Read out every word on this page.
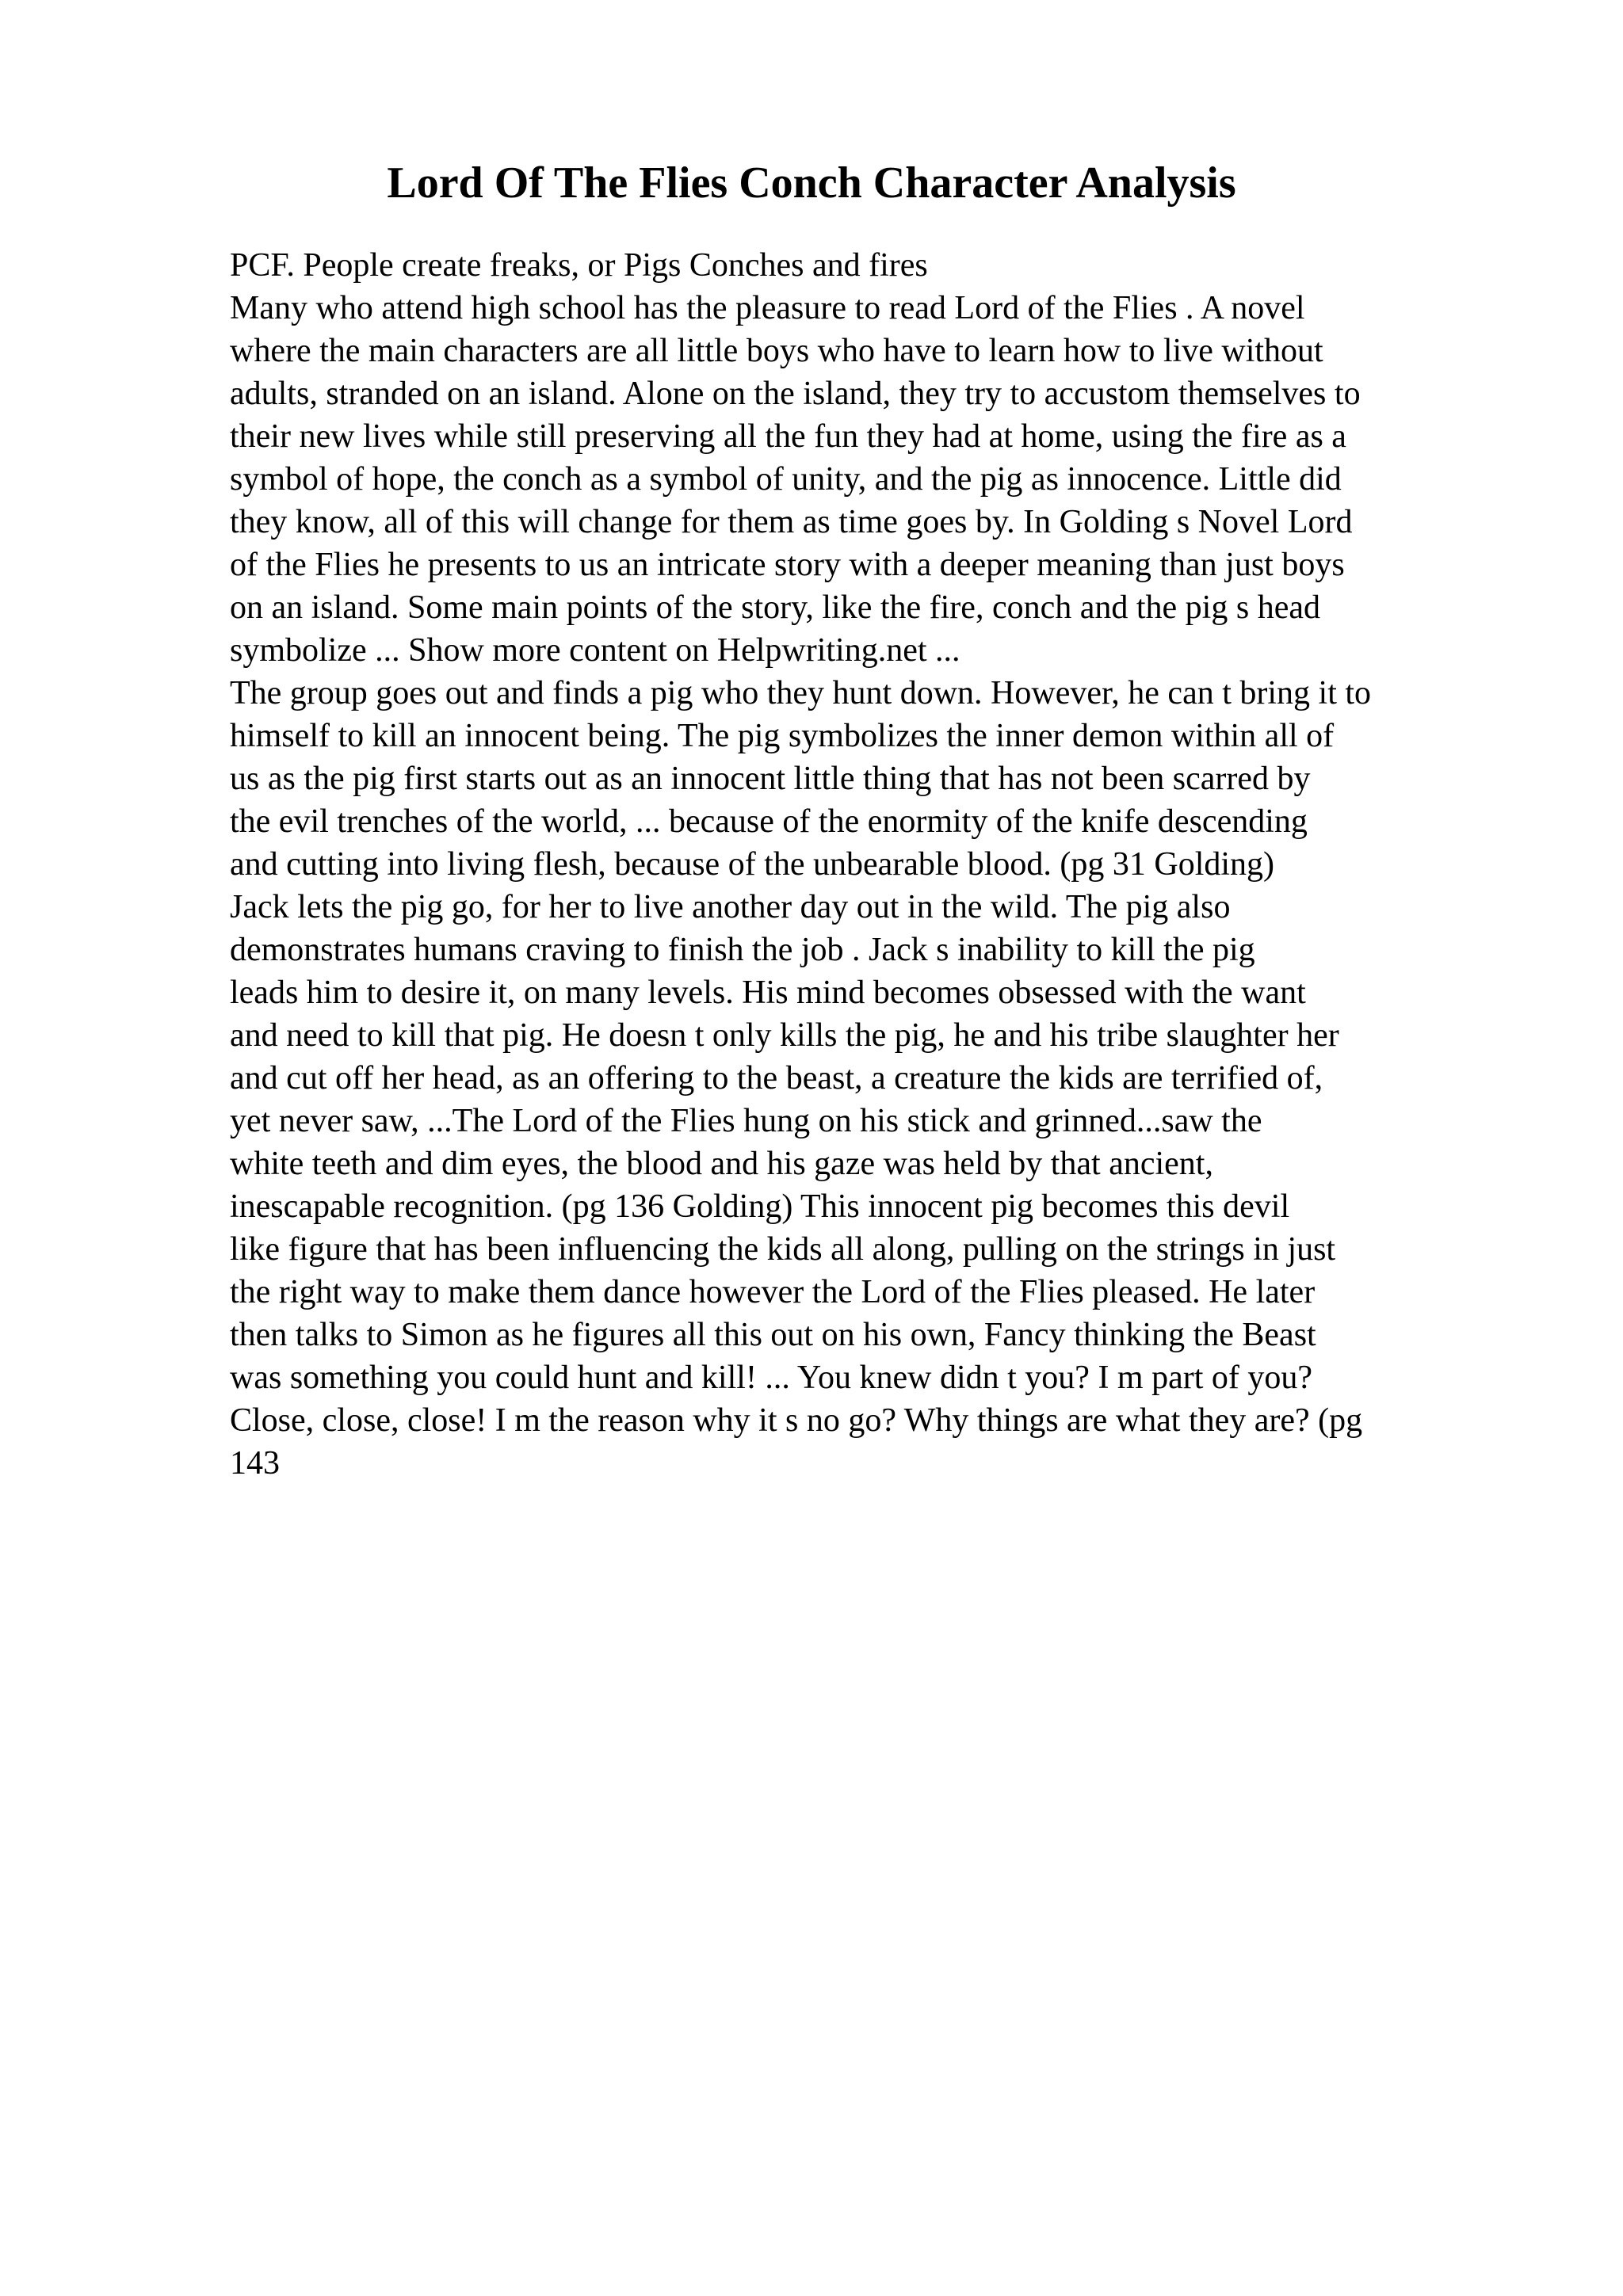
Lord Of The Flies Conch Character Analysis
PCF. People create freaks, or Pigs Conches and fires
Many who attend high school has the pleasure to read Lord of the Flies . A novel
where the main characters are all little boys who have to learn how to live without
adults, stranded on an island. Alone on the island, they try to accustom themselves to
their new lives while still preserving all the fun they had at home, using the fire as a
symbol of hope, the conch as a symbol of unity, and the pig as innocence. Little did
they know, all of this will change for them as time goes by. In Golding s Novel Lord
of the Flies he presents to us an intricate story with a deeper meaning than just boys
on an island. Some main points of the story, like the fire, conch and the pig s head
symbolize ... Show more content on Helpwriting.net ...
The group goes out and finds a pig who they hunt down. However, he can t bring it to
himself to kill an innocent being. The pig symbolizes the inner demon within all of
us as the pig first starts out as an innocent little thing that has not been scarred by
the evil trenches of the world, ... because of the enormity of the knife descending
and cutting into living flesh, because of the unbearable blood. (pg 31 Golding)
Jack lets the pig go, for her to live another day out in the wild. The pig also
demonstrates humans craving to finish the job . Jack s inability to kill the pig
leads him to desire it, on many levels. His mind becomes obsessed with the want
and need to kill that pig. He doesn t only kills the pig, he and his tribe slaughter her
and cut off her head, as an offering to the beast, a creature the kids are terrified of,
yet never saw, ...The Lord of the Flies hung on his stick and grinned...saw the
white teeth and dim eyes, the blood and his gaze was held by that ancient,
inescapable recognition. (pg 136 Golding) This innocent pig becomes this devil
like figure that has been influencing the kids all along, pulling on the strings in just
the right way to make them dance however the Lord of the Flies pleased. He later
then talks to Simon as he figures all this out on his own, Fancy thinking the Beast
was something you could hunt and kill! ... You knew didn t you? I m part of you?
Close, close, close! I m the reason why it s no go? Why things are what they are? (pg
143
